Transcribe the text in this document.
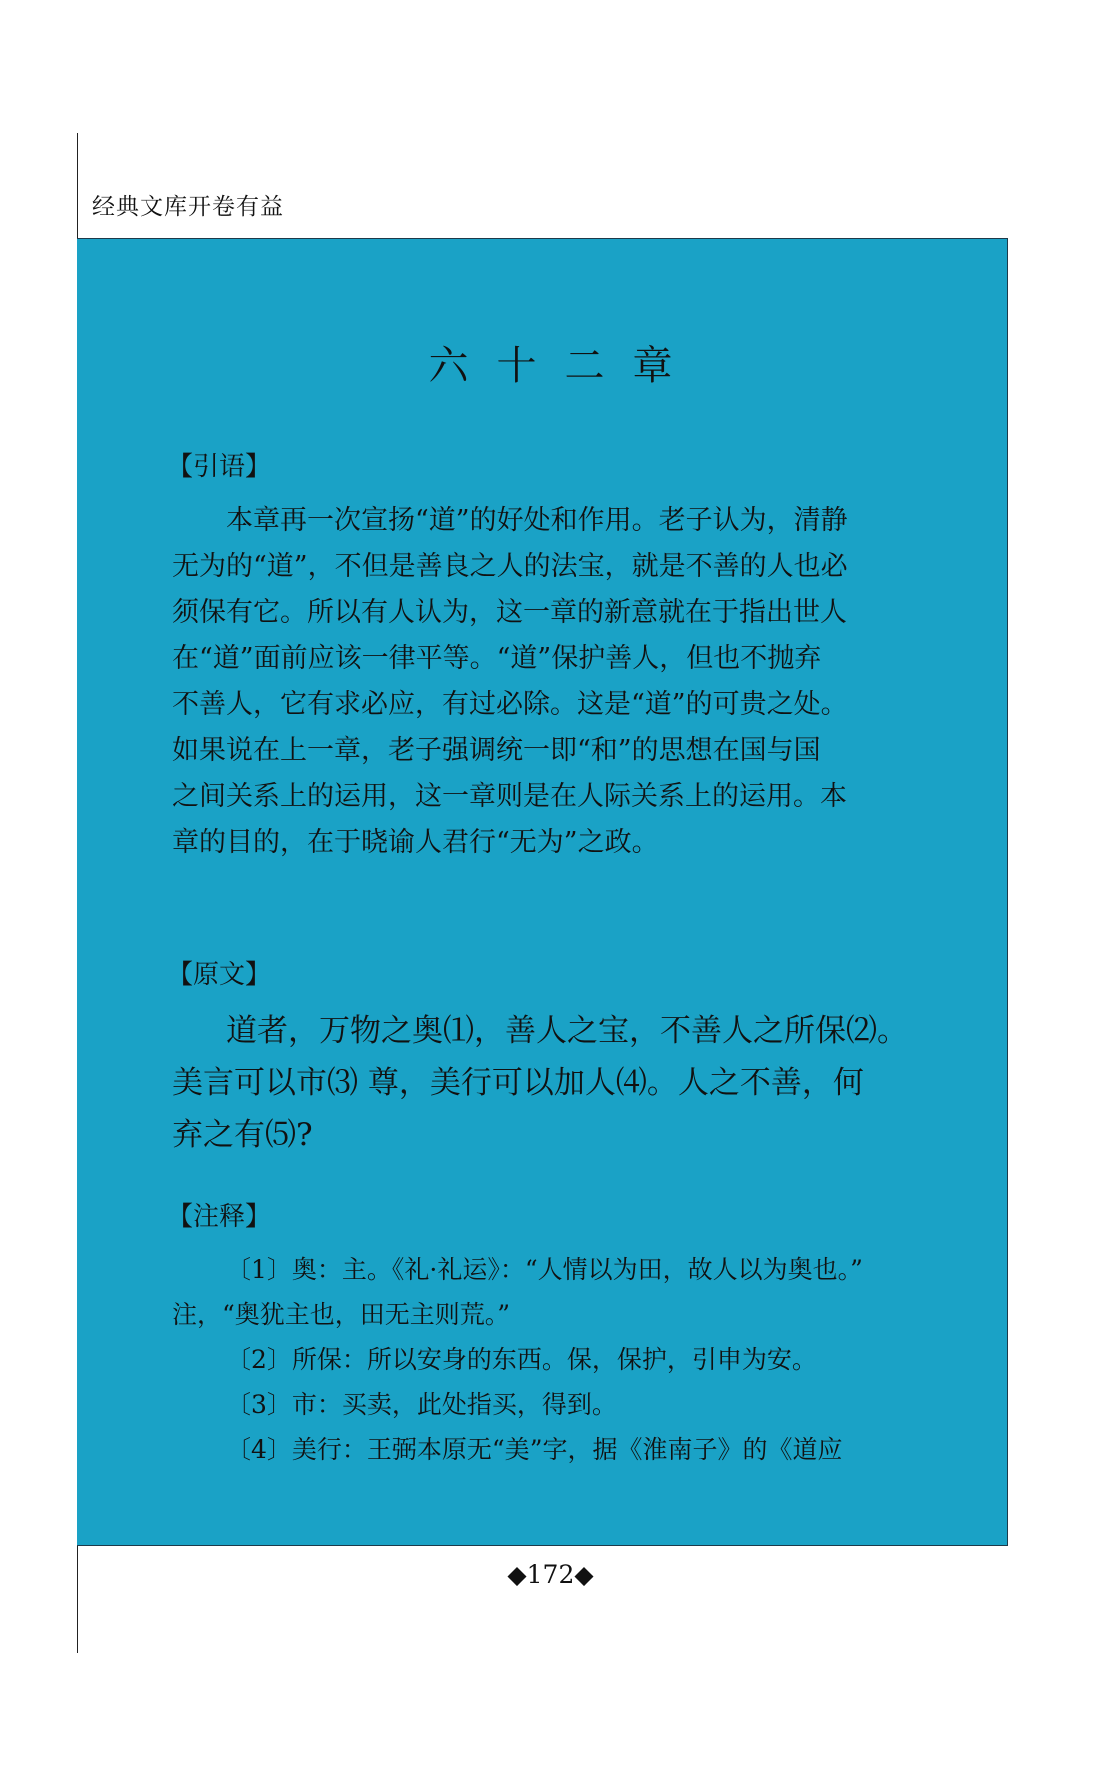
经典文库开卷有益
六十二章
【引语】
本章再一次宣扬“道”的好处和作用。老子认为，清静
无为的“道”，不但是善良之人的法宝，就是不善的人也必
须保有它。所以有人认为，这一章的新意就在于指出世人
在“道”面前应该一律平等。“道”保护善人，但也不抛弃
不善人，它有求必应，有过必除。这是“道”的可贵之处。
如果说在上一章，老子强调统一即“和”的思想在国与国
之间关系上的运用，这一章则是在人际关系上的运用。本
章的目的，在于晓谕人君行“无为”之政。
【原文】
道者，万物之奥⑴，善人之宝，不善人之所保⑵。
美言可以市⑶ 尊，美行可以加人⑷。人之不善，何
弃之有⑸?
【注释】
〔1〕奥：主。《礼·礼运》：“人情以为田，故人以为奥也。”
注，“奥犹主也，田无主则荒。”
〔2〕所保：所以安身的东西。保，保护，引申为安。
〔3〕市：买卖，此处指买，得到。
〔4〕美行：王弼本原无“美”字，据《淮南子》的《道应
◆172◆
